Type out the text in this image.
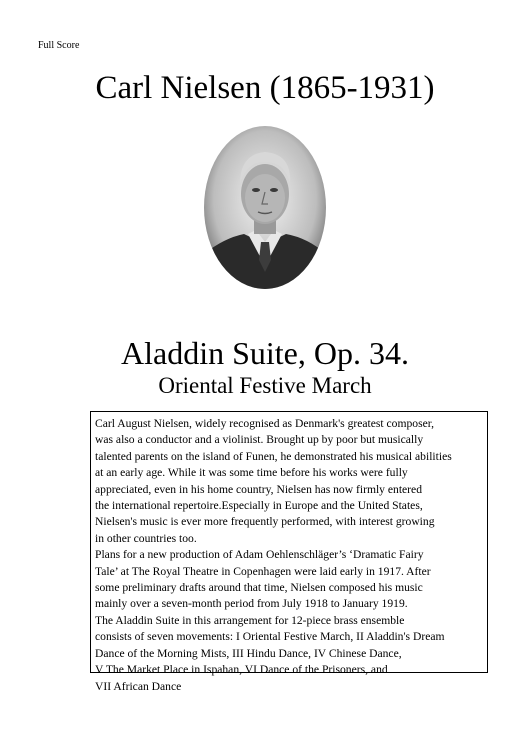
Full Score
Carl Nielsen (1865-1931)
Aladdin Suite, Op. 34.
Oriental Festive March
Carl August Nielsen, widely recognised as Denmark's greatest composer,
was also a conductor and a violinist. Brought up by poor but musically
talented parents on the island of Funen, he demonstrated his musical abilities
at an early age. While it was some time before his works were fully
appreciated, even in his home country, Nielsen has now firmly entered
the international repertoire.Especially in Europe and the United States,
Nielsen's music is ever more frequently performed, with interest growing
in other countries too.
Plans for a new production of Adam Oehlenschläger’s ‘Dramatic Fairy
Tale’ at The Royal Theatre in Copenhagen were laid early in 1917. After
some preliminary drafts around that time, Nielsen composed his music
mainly over a seven-month period from July 1918 to January 1919.
The Aladdin Suite in this arrangement for 12-piece brass ensemble
consists of seven movements: I Oriental Festive March, II Aladdin's Dream
Dance of the Morning Mists, III Hindu Dance, IV Chinese Dance,
V The Market Place in Ispahan, VI Dance of the Prisoners, and
VII African Dance
